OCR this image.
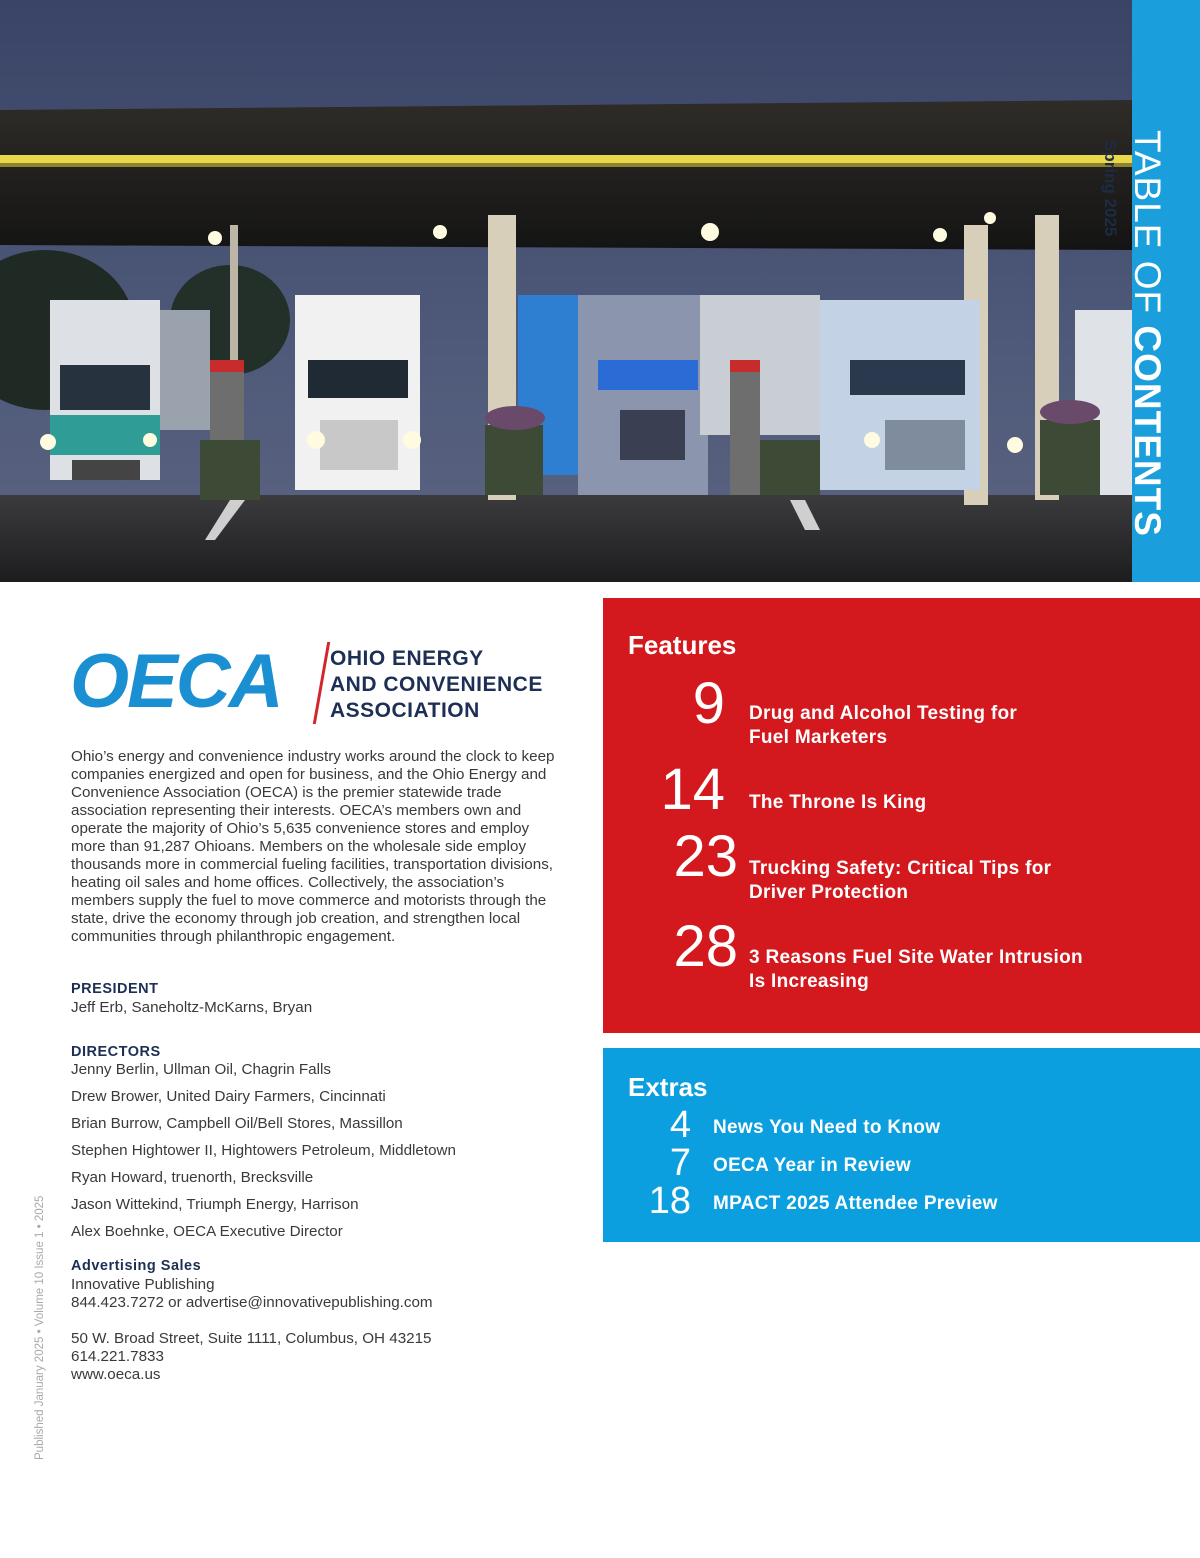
TABLE OF CONTENTS
Spring 2025
OECA OHIO ENERGY
AND CONVENIENCE
ASSOCIATION
Ohio’s energy and convenience industry works around the clock to keep companies energized and open for business, and the Ohio Energy and Convenience Association (OECA) is the premier statewide trade association representing their interests. OECA’s members own and operate the majority of Ohio’s 5,635 convenience stores and employ more than 91,287 Ohioans. Members on the wholesale side employ thousands more in commercial fueling facilities, transportation divisions, heating oil sales and home offices. Collectively, the association’s members supply the fuel to move commerce and motorists through the state, drive the economy through job creation, and strengthen local communities through philanthropic engagement.
PRESIDENT
Jeff Erb, Saneholtz-McKarns, Bryan
DIRECTORS
Jenny Berlin, Ullman Oil, Chagrin Falls
Drew Brower, United Dairy Farmers, Cincinnati
Brian Burrow, Campbell Oil/Bell Stores, Massillon
Stephen Hightower II, Hightowers Petroleum, Middletown
Ryan Howard, truenorth, Brecksville
Jason Wittekind, Triumph Energy, Harrison
Alex Boehnke, OECA Executive Director
Advertising Sales
Innovative Publishing
844.423.7272 or advertise@innovativepublishing.com
50 W. Broad Street, Suite 1111, Columbus, OH 43215
614.221.7833
www.oeca.us
Published January 2025 • Volume 10 Issue 1 • 2025
Features
9 Drug and Alcohol Testing for
Fuel Marketers
14 The Throne Is King
23 Trucking Safety: Critical Tips for
Driver Protection
28 3 Reasons Fuel Site Water Intrusion
Is Increasing
Extras
4 News You Need to Know
7 OECA Year in Review
18 MPACT 2025 Attendee Preview
